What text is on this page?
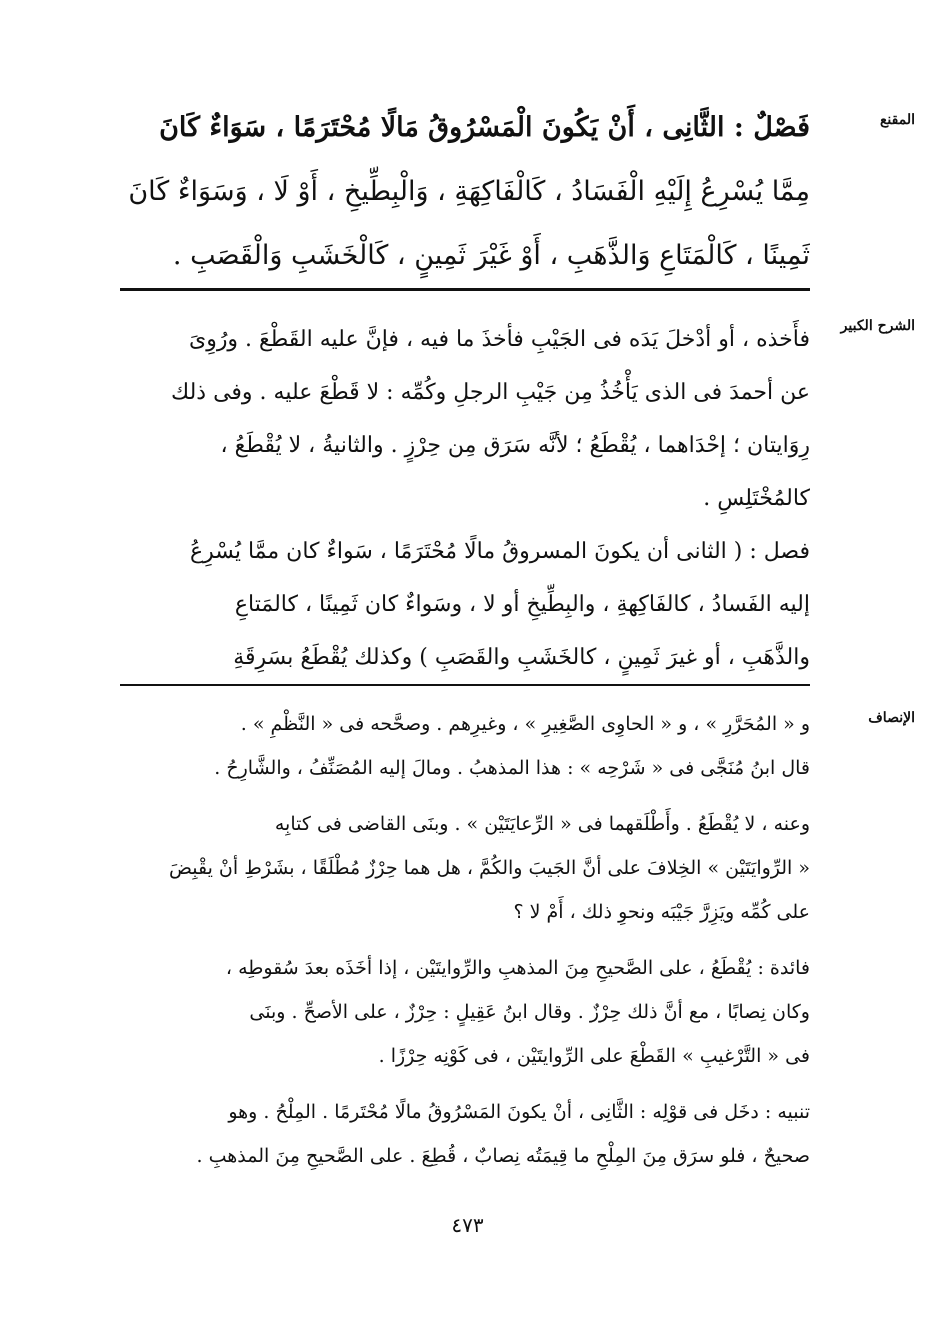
المقنع
فَصْلٌ : الثَّانِى ، أَنْ يَكُونَ الْمَسْرُوقُ مَالًا مُحْتَرَمًا ، سَوَاءٌ كَانَ
مِمَّا يُسْرِعُ إِلَيْهِ الْفَسَادُ ، كَالْفَاكِهَةِ ، وَالْبِطِّيخِ ، أَوْ لَا ، وَسَوَاءٌ كَانَ
ثَمِينًا ، كَالْمَتَاعِ وَالذَّهَبِ ، أَوْ غَيْرَ ثَمِينٍ ، كَالْخَشَبِ وَالْقَصَبِ .
الشرح الكبير
فأَخذه ، أو أدْخلَ يَدَه فى الجَيْبِ فأخذَ ما فيه ، فإنَّ عليه القَطْعَ . ورُوِىَ
عن أحمدَ فى الذى يَأْخُذُ مِن جَيْبِ الرجلِ وكُمِّه : لا قَطْعَ عليه . وفى ذلك
رِوَايتان ؛ إحْدَاهما ، يُقْطَعُ ؛ لأنَّه سَرَق مِن حِرْزٍ . والثانيةُ ، لا يُقْطَعُ ،
كالمُخْتَلِسِ .
فصل : ( الثانى أن يكونَ المسروقُ مالًا مُحْتَرَمًا ، سَواءٌ كان ممَّا يُسْرِعُ
إليه الفَسادُ ، كالفَاكِهةِ ، والبِطِّيخِ أو لا ، وسَواءٌ كان ثَمِينًا ، كالمَتاعِ
والذَّهَبِ ، أو غيرَ ثَمِينٍ ، كالخَشَبِ والقَصَبِ ) وكذلك يُقْطَعُ بسَرِقَةِ
الإنصاف
و « المُحَرَّرِ » ، و « الحاوِى الصَّغِيرِ » ، وغيرِهم . وصحَّحه فى « النَّظْمِ » .
قال ابنُ مُنَجَّى فى « شَرْحِه » : هذا المذهبُ . ومالَ إليه المُصَنِّفُ ، والشَّارِحُ .
وعنه ، لا يُقْطَعُ . وأَطْلَقهما فى « الرِّعايَتَيْن » . وبنَى القاضى فى كتابِه
« الرِّوايَتَيْن » الخِلافَ على أنَّ الجَيبَ والكُمَّ ، هل هما حِرْزٌ مُطْلَقًا ، بشَرْطِ أنْ يقْبِضَ
على كُمِّه ويَزِرَّ جَيْبَه ونحوِ ذلك ، أَمْ لا ؟
فائدة : يُقْطَعُ ، على الصَّحيحِ مِنَ المذهبِ والرِّوايتَيْن ، إذا أخَذَه بعدَ سُقوطِه ،
وكان نِصابًا ، مع أنَّ ذلك حِرْزٌ . وقال ابنُ عَقِيلٍ : حِرْزٌ ، على الأصحِّ . وبنَى
فى « التَّرْغيبِ » القَطْعَ على الرِّوايتَيْن ، فى كَوْنِه حِرْزًا .
تنبيه : دخَل فى قوْلِه : الثَّانِى ، أنْ يكونَ المَسْرُوقُ مالًا مُحْتَرمًا . المِلْحُ . وهو
صحيحٌ ، فلو سرَق مِنَ المِلْحِ ما قِيمَتُه نِصابٌ ، قُطِعَ . على الصَّحيحِ مِنَ المذهبِ .
٤٧٣
